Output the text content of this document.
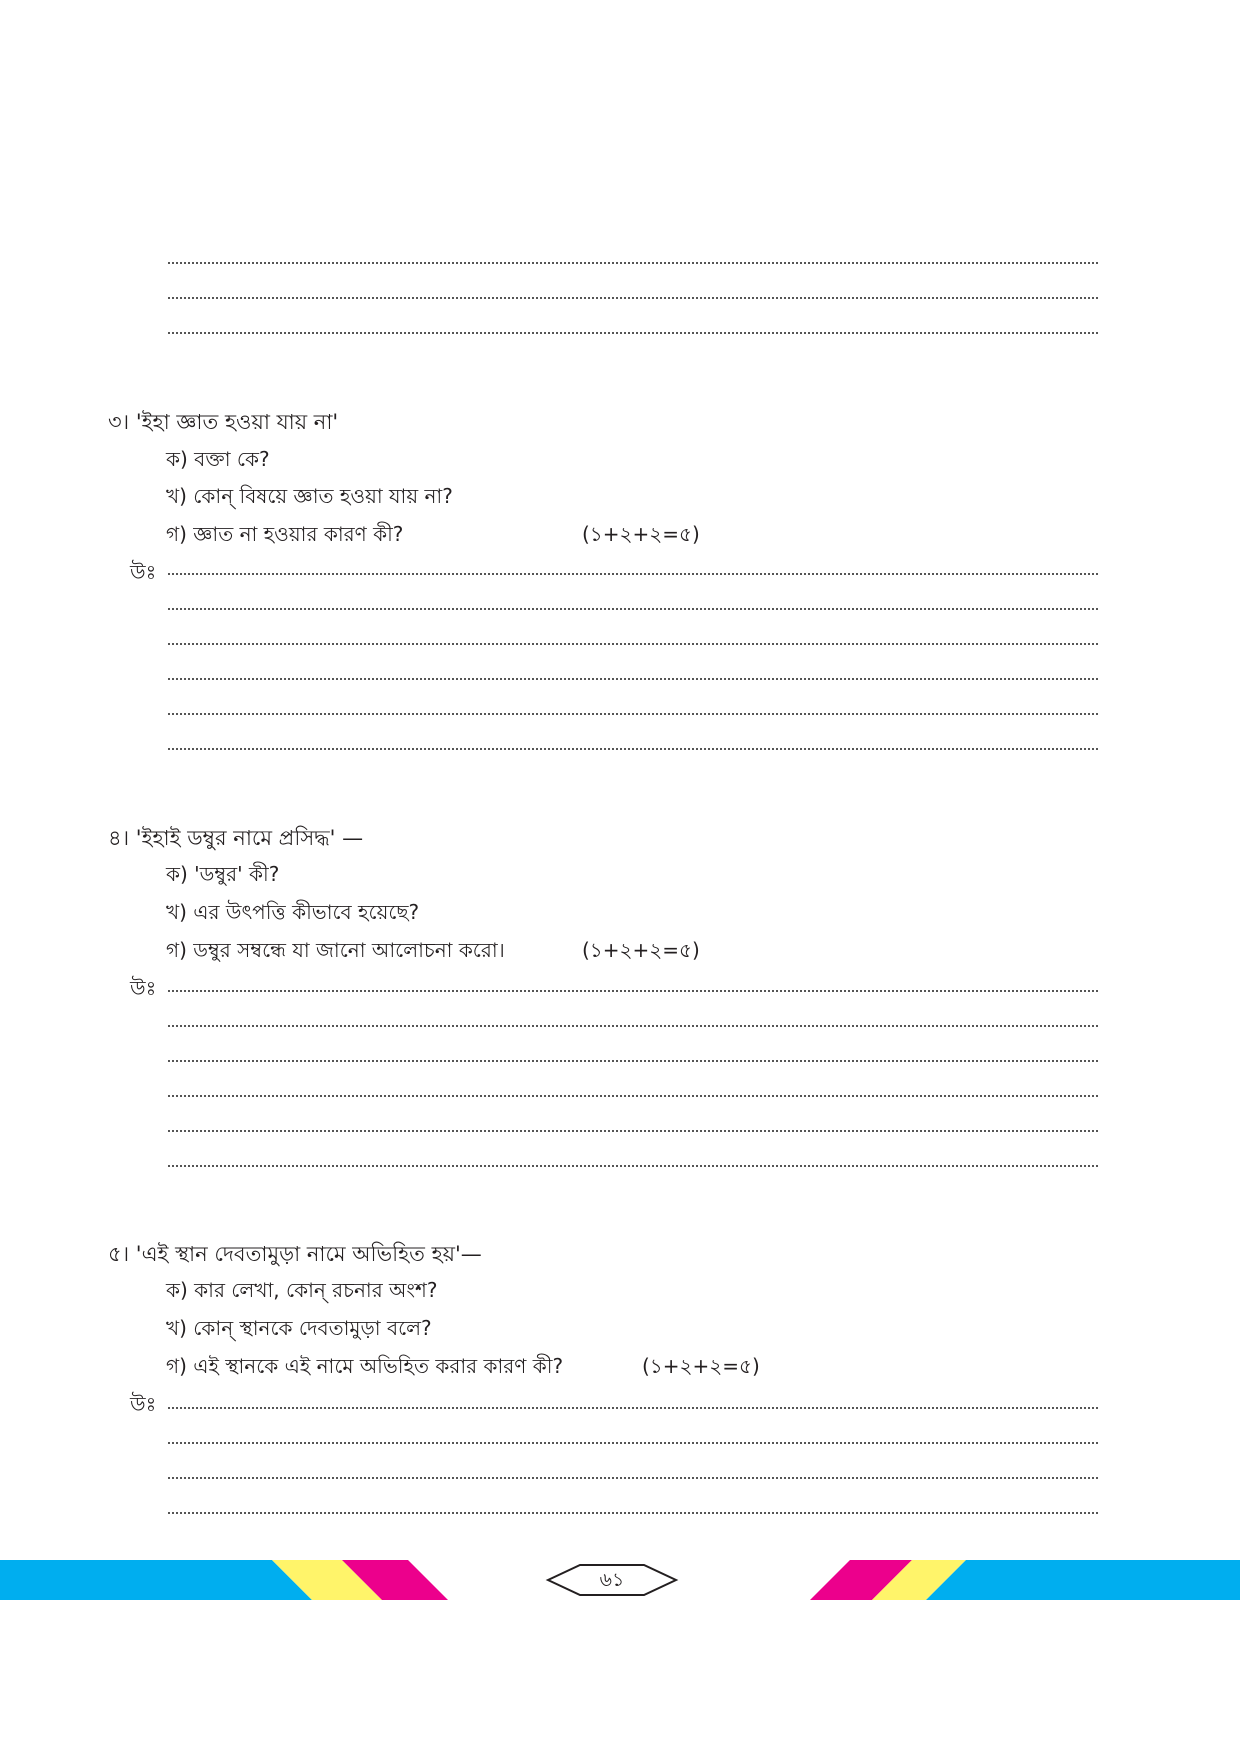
৩। 'ইহা জ্ঞাত হওয়া যায় না'
ক) বক্তা কে?
খ) কোন্ বিষয়ে জ্ঞাত হওয়া যায় না?
গ) জ্ঞাত না হওয়ার কারণ কী?	(১+২+২=৫)
উঃ
৪। 'ইহাই ডম্বুর নামে প্রসিদ্ধ' —
ক) 'ডম্বুর' কী?
খ) এর উৎপত্তি কীভাবে হয়েছে?
গ) ডম্বুর সম্বন্ধে যা জানো আলোচনা করো।	(১+২+২=৫)
উঃ
৫। 'এই স্থান দেবতামুড়া নামে অভিহিত হয়'—
ক) কার লেখা, কোন্ রচনার অংশ?
খ) কোন্ স্থানকে দেবতামুড়া বলে?
গ) এই স্থানকে এই নামে অভিহিত করার কারণ কী?	(১+২+২=৫)
উঃ
৬১
